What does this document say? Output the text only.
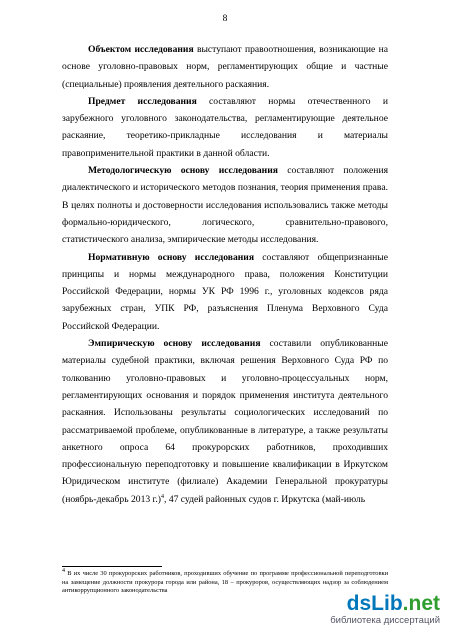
8

Объектом исследования выступают правоотношения, возникающие на основе уголовно-правовых норм, регламентирующих общие и частные (специальные) проявления деятельного раскаяния.

Предмет исследования составляют нормы отечественного и зарубежного уголовного законодательства, регламентирующие деятельное раскаяние, теоретико-прикладные исследования и материалы правоприменительной практики в данной области.

Методологическую основу исследования составляют положения диалектического и исторического методов познания, теория применения права. В целях полноты и достоверности исследования использовались также методы формально-юридического, логического, сравнительно-правового, статистического анализа, эмпирические методы исследования.

Нормативную основу исследования составляют общепризнанные принципы и нормы международного права, положения Конституции Российской Федерации, нормы УК РФ 1996 г., уголовных кодексов ряда зарубежных стран, УПК РФ, разъяснения Пленума Верховного Суда Российской Федерации.

Эмпирическую основу исследования составили опубликованные материалы судебной практики, включая решения Верховного Суда РФ по толкованию уголовно-правовых и уголовно-процессуальных норм, регламентирующих основания и порядок применения института деятельного раскаяния. Использованы результаты социологических исследований по рассматриваемой проблеме, опубликованные в литературе, а также результаты анкетного опроса 64 прокурорских работников, проходивших профессиональную переподготовку и повышение квалификации в Иркутском Юридическом институте (филиале) Академии Генеральной прокуратуры (ноябрь-декабрь 2013 г.)$^4$, 47 судей районных судов г. Иркутска (май-июль

$^4$ В их числе 30 прокурорских работников, проходивших обучение по программе профессиональной переподготовки на замещение должности прокурора города или района, 18 – прокуроров, осуществляющих надзор за соблюдением антикоррупционного законодательства
dsLib.net
библиотека диссертаций
